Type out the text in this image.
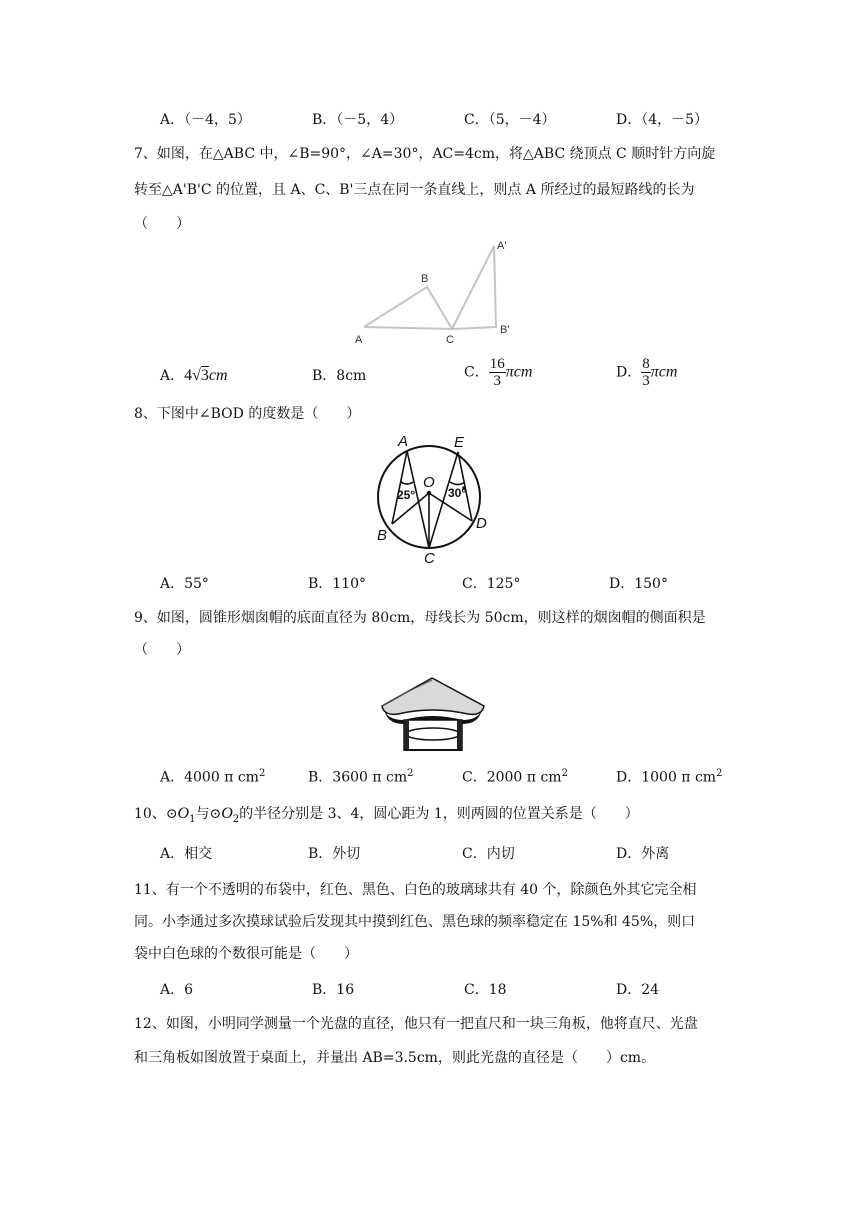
A．（－4，5）	B．（－5，4）	C．（5，－4）	D．（4，－5）
7、如图，在△ABC 中，∠B=90°，∠A=30°，AC=4cm，将△ABC 绕顶点 C 顺时针方向旋
转至△A'B'C 的位置，且 A、C、B'三点在同一条直线上，则点 A 所经过的最短路线的长为
（　　）
B
A	C
A'
B'
A．4√3cm	B．8cm	C． $\frac{16}{3}$ πcm	D． $\frac{8}{3}$ πcm
8、下图中∠BOD 的度数是（　　）
A	E
O
B
C
D
25°	30°
A．55°	B．110°	C．125°	D．150°
9、如图，圆锥形烟囱帽的底面直径为 80cm，母线长为 50cm，则这样的烟囱帽的侧面积是
（　　）
A．4000 π $cm^2$	B．3600 π $cm^2$	C．2000 π $cm^2$	D．1000 π $cm^2$
10、$⊙O_1$与$⊙O_2$的半径分别是 3、4，圆心距为 1，则两圆的位置关系是（　　）
A．相交	B．外切	C．内切	D．外离
11、有一个不透明的布袋中，红色、黑色、白色的玻璃球共有 40 个，除颜色外其它完全相
同。小李通过多次摸球试验后发现其中摸到红色、黑色球的频率稳定在 15%和 45%，则口
袋中白色球的个数很可能是（　　）
A．6	B．16	C．18	D．24
12、如图，小明同学测量一个光盘的直径，他只有一把直尺和一块三角板，他将直尺、光盘
和三角板如图放置于桌面上，并量出 AB=3.5cm，则此光盘的直径是（　　）cm。
